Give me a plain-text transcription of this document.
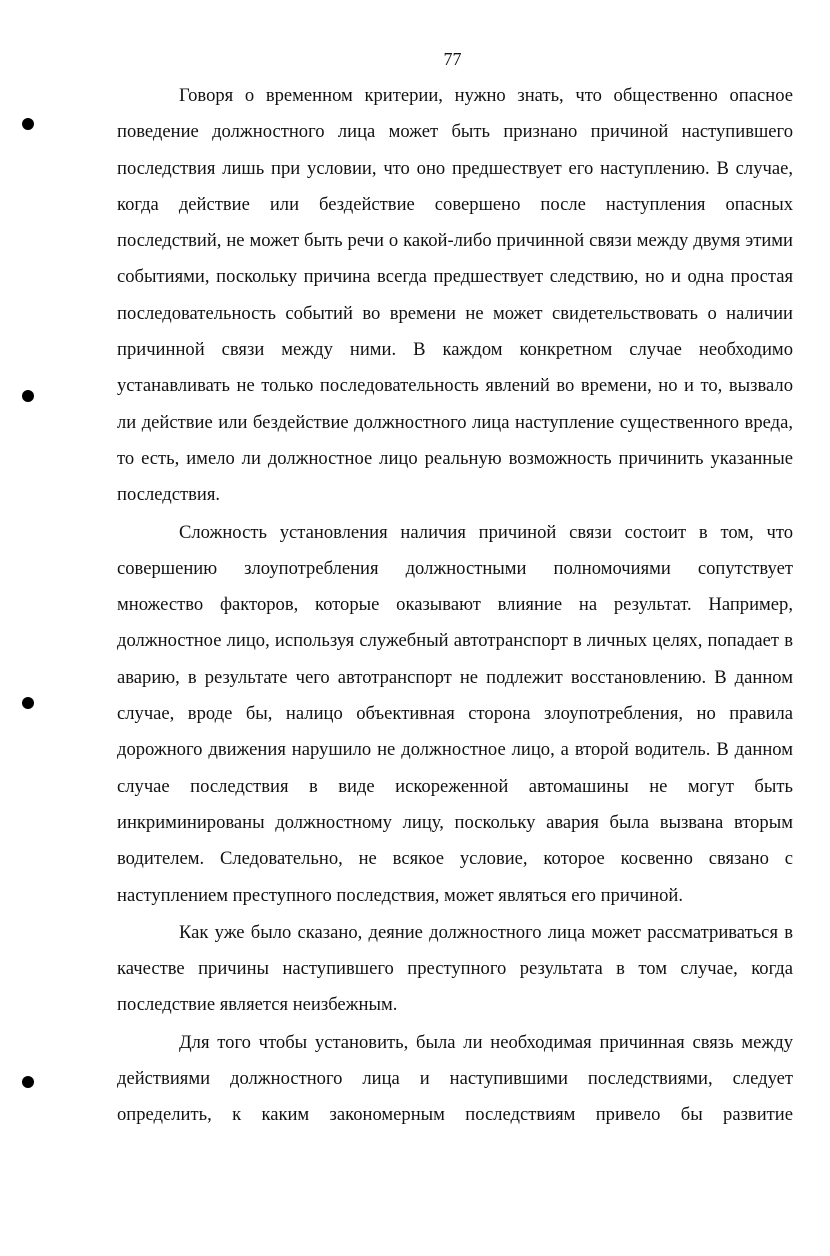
77

Говоря о временном критерии, нужно знать, что общественно опасное поведение должностного лица может быть признано причиной наступившего последствия лишь при условии, что оно предшествует его наступлению. В случае, когда действие или бездействие совершено после наступления опасных последствий, не может быть речи о какой-либо причинной связи между двумя этими событиями, поскольку причина всегда предшествует следствию, но и одна простая последовательность событий во времени не может свидетельствовать о наличии причинной связи между ними. В каждом конкретном случае необходимо устанавливать не только последовательность явлений во времени, но и то, вызвало ли действие или бездействие должностного лица наступление существенного вреда, то есть, имело ли должностное лицо реальную возможность причинить указанные последствия.

Сложность установления наличия причиной связи состоит в том, что совершению злоупотребления должностными полномочиями сопутствует множество факторов, которые оказывают влияние на результат. Например, должностное лицо, используя служебный автотранспорт в личных целях, попадает в аварию, в результате чего автотранспорт не подлежит восстановлению. В данном случае, вроде бы, налицо объективная сторона злоупотребления, но правила дорожного движения нарушило не должностное лицо, а второй водитель. В данном случае последствия в виде искореженной автомашины не могут быть инкриминированы должностному лицу, поскольку авария была вызвана вторым водителем. Следовательно, не всякое условие, которое косвенно связано с наступлением преступного последствия, может являться его причиной.

Как уже было сказано, деяние должностного лица может рассматриваться в качестве причины наступившего преступного результата в том случае, когда последствие является неизбежным.

Для того чтобы установить, была ли необходимая причинная связь между действиями должностного лица и наступившими последствиями, следует определить, к каким закономерным последствиям привело бы развитие
